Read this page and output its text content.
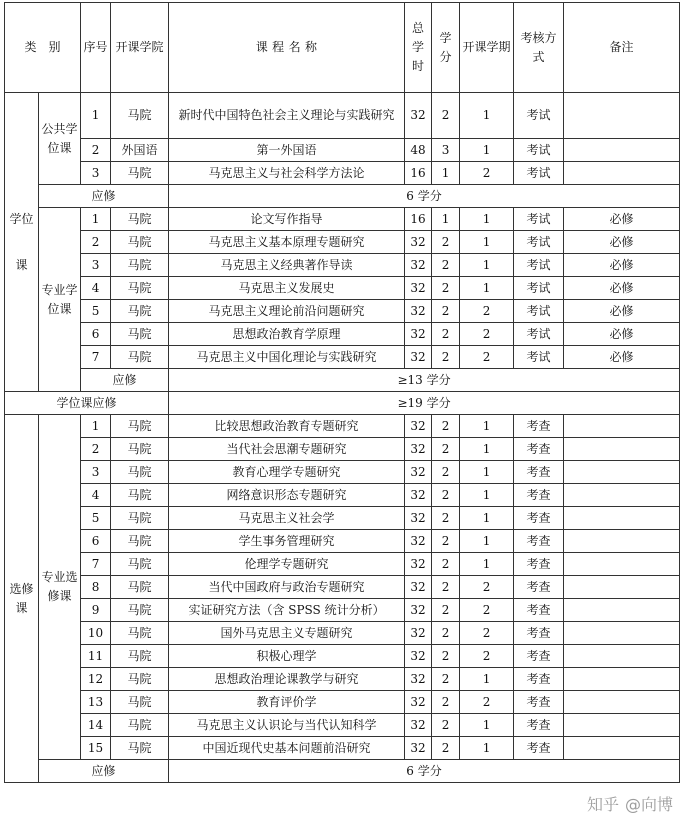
类　别		序号	开课学院	课 程 名 称	总学时	学分	开课学期	考核方式	备注
学位课	公共学位课	1	马院	新时代中国特色社会主义理论与实践研究	32	2	1	考试	
		2	外国语	第一外国语	48	3	1	考试	
		3	马院	马克思主义与社会科学方法论	16	1	2	考试	
	应修			6 学分					
	专业学位课	1	马院	论文写作指导	16	1	1	考试	必修
		2	马院	马克思主义基本原理专题研究	32	2	1	考试	必修
		3	马院	马克思主义经典著作导读	32	2	1	考试	必修
		4	马院	马克思主义发展史	32	2	1	考试	必修
		5	马院	马克思主义理论前沿问题研究	32	2	2	考试	必修
		6	马院	思想政治教育学原理	32	2	2	考试	必修
		7	马院	马克思主义中国化理论与实践研究	32	2	2	考试	必修
		应修		≥13 学分					
学位课应修				≥19 学分					
选修课	专业选修课	1	马院	比较思想政治教育专题研究	32	2	1	考查	
		2	马院	当代社会思潮专题研究	32	2	1	考查	
		3	马院	教育心理学专题研究	32	2	1	考查	
		4	马院	网络意识形态专题研究	32	2	1	考查	
		5	马院	马克思主义社会学	32	2	1	考查	
		6	马院	学生事务管理研究	32	2	1	考查	
		7	马院	伦理学专题研究	32	2	1	考查	
		8	马院	当代中国政府与政治专题研究	32	2	2	考查	
		9	马院	实证研究方法（含 SPSS 统计分析）	32	2	2	考查	
		10	马院	国外马克思主义专题研究	32	2	2	考查	
		11	马院	积极心理学	32	2	2	考查	
		12	马院	思想政治理论课教学与研究	32	2	1	考查	
		13	马院	教育评价学	32	2	2	考查	
		14	马院	马克思主义认识论与当代认知科学	32	2	1	考查	
		15	马院	中国近现代史基本问题前沿研究	32	2	1	考查	
	应修			6 学分					
知乎 @向博
